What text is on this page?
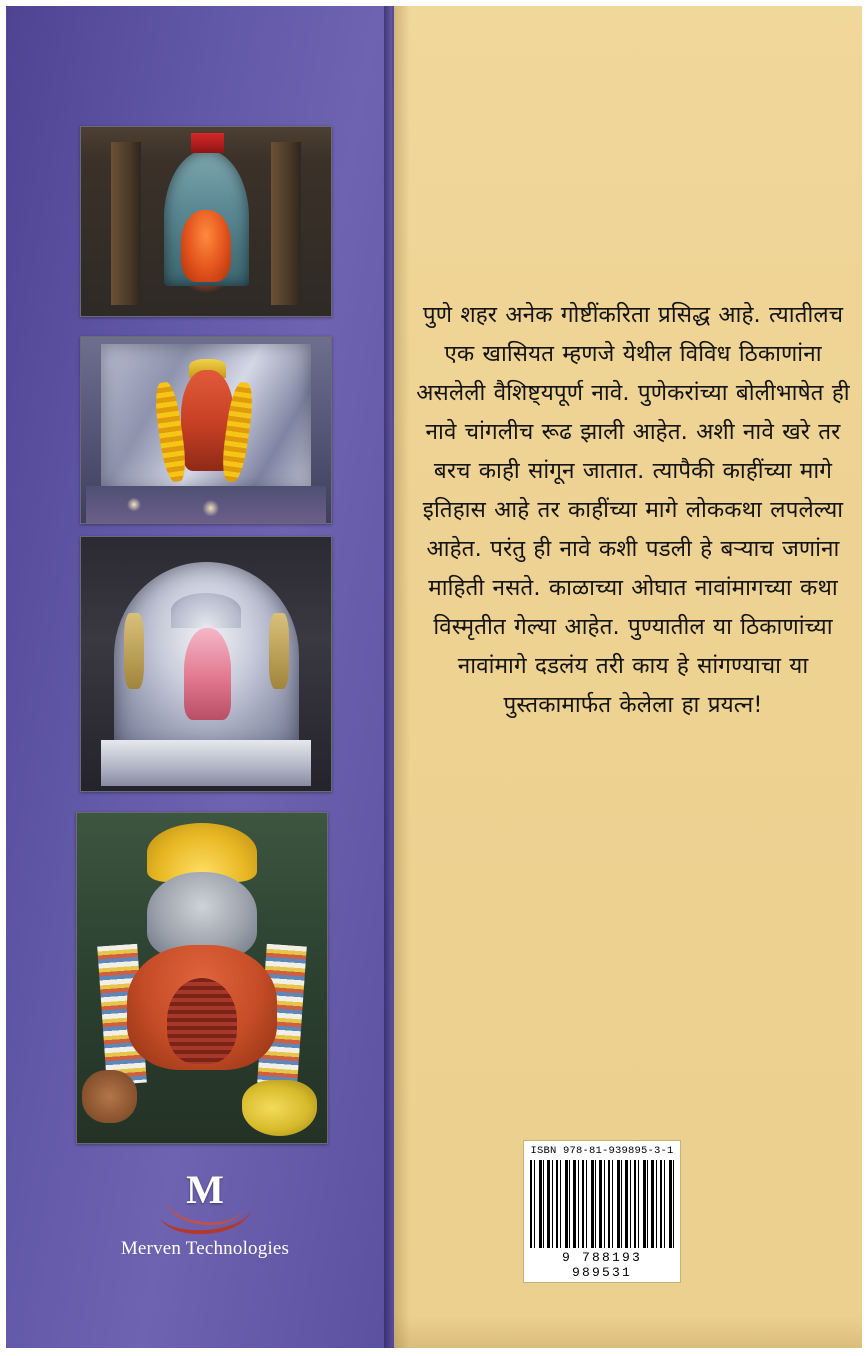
M
Merven Technologies
पुणे शहर अनेक गोष्टींकरिता प्रसिद्ध आहे. त्यातीलच एक खासियत म्हणजे येथील विविध ठिकाणांना असलेली वैशिष्ट्यपूर्ण नावे. पुणेकरांच्या बोलीभाषेत ही नावे चांगलीच रूढ झाली आहेत. अशी नावे खरे तर बरच काही सांगून जातात. त्यापैकी काहींच्या मागे इतिहास आहे तर काहींच्या मागे लोककथा लपलेल्या आहेत. परंतु ही नावे कशी पडली हे बऱ्याच जणांना माहिती नसते. काळाच्या ओघात नावांमागच्या कथा विस्मृतीत गेल्या आहेत. पुण्यातील या ठिकाणांच्या नावांमागे दडलंय तरी काय हे सांगण्याचा या पुस्तकामार्फत केलेला हा प्रयत्न!
ISBN 978-81-939895-3-1
9 788193 989531
